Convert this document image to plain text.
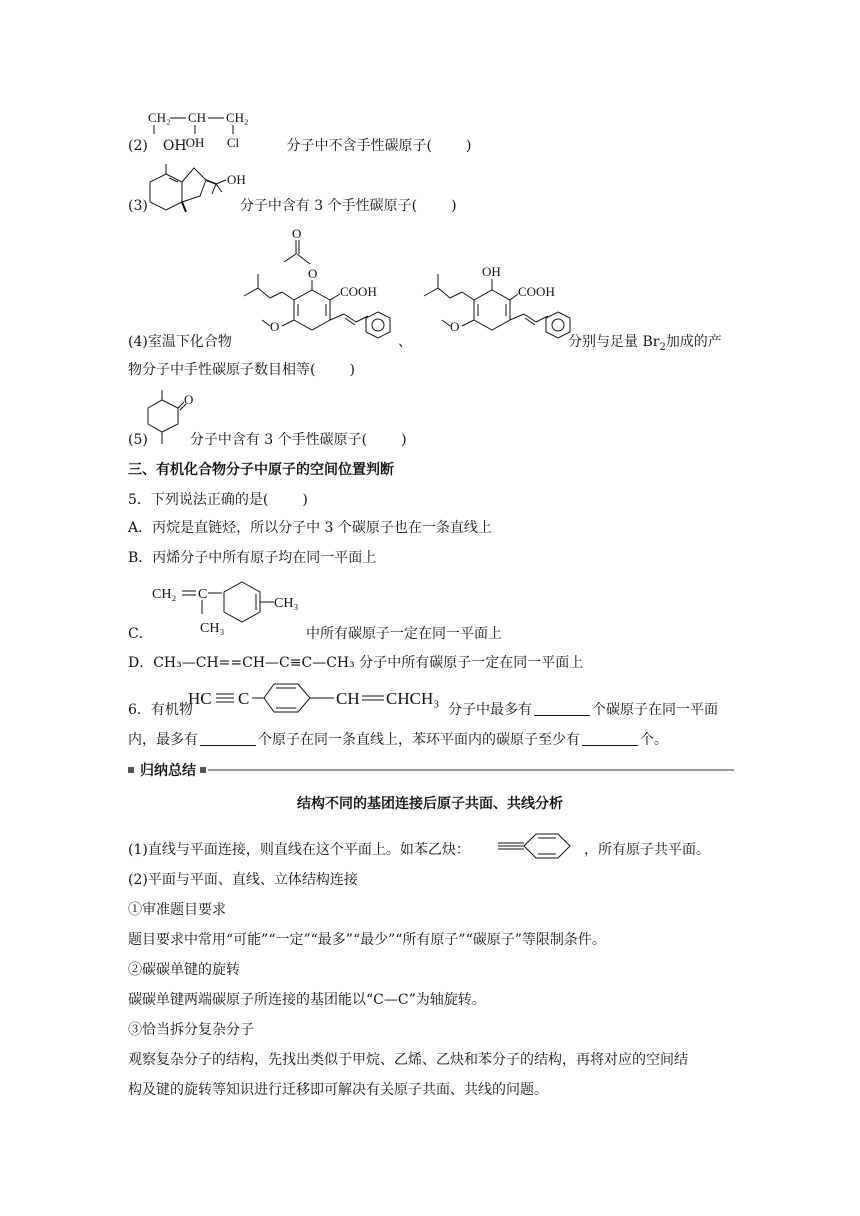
CH₂ CH CH₂
OH Cl
(2) OH	分子中不含手性碳原子( )
OH
(3)	分子中含有 3 个手性碳原子( )
O
O
COOH
O
OH
COOH
O
(4)室温下化合物	、	分别与足量 $Br_2$加成的产
物分子中手性碳原子数目相等( )
O
(5)	分子中含有 3 个手性碳原子( )
三、有机化合物分子中原子的空间位置判断
5．下列说法正确的是( )
A．丙烷是直链烃，所以分子中 3 个碳原子也在一条直线上
B．丙烯分子中所有原子均在同一平面上
CH₂ C
CH₃
CH₃
C．	中所有碳原子一定在同一平面上
D．CH₃—CH==CH—C≡C—CH₃ 分子中所有碳原子一定在同一平面上
HC C	CH CHCH₃
6．有机物	分子中最多有	个碳原子在同一平面
内，最多有	个原子在同一条直线上，苯环平面内的碳原子至少有	个。
归纳总结
结构不同的基团连接后原子共面、共线分析
(1)直线与平面连接，则直线在这个平面上。如苯乙炔：	，所有原子共平面。
(2)平面与平面、直线、立体结构连接
①审准题目要求
题目要求中常用“可能”“一定”“最多”“最少”“所有原子”“碳原子”等限制条件。
②碳碳单键的旋转
碳碳单键两端碳原子所连接的基团能以“C—C”为轴旋转。
③恰当拆分复杂分子
观察复杂分子的结构，先找出类似于甲烷、乙烯、乙炔和苯分子的结构，再将对应的空间结
构及键的旋转等知识进行迁移即可解决有关原子共面、共线的问题。
